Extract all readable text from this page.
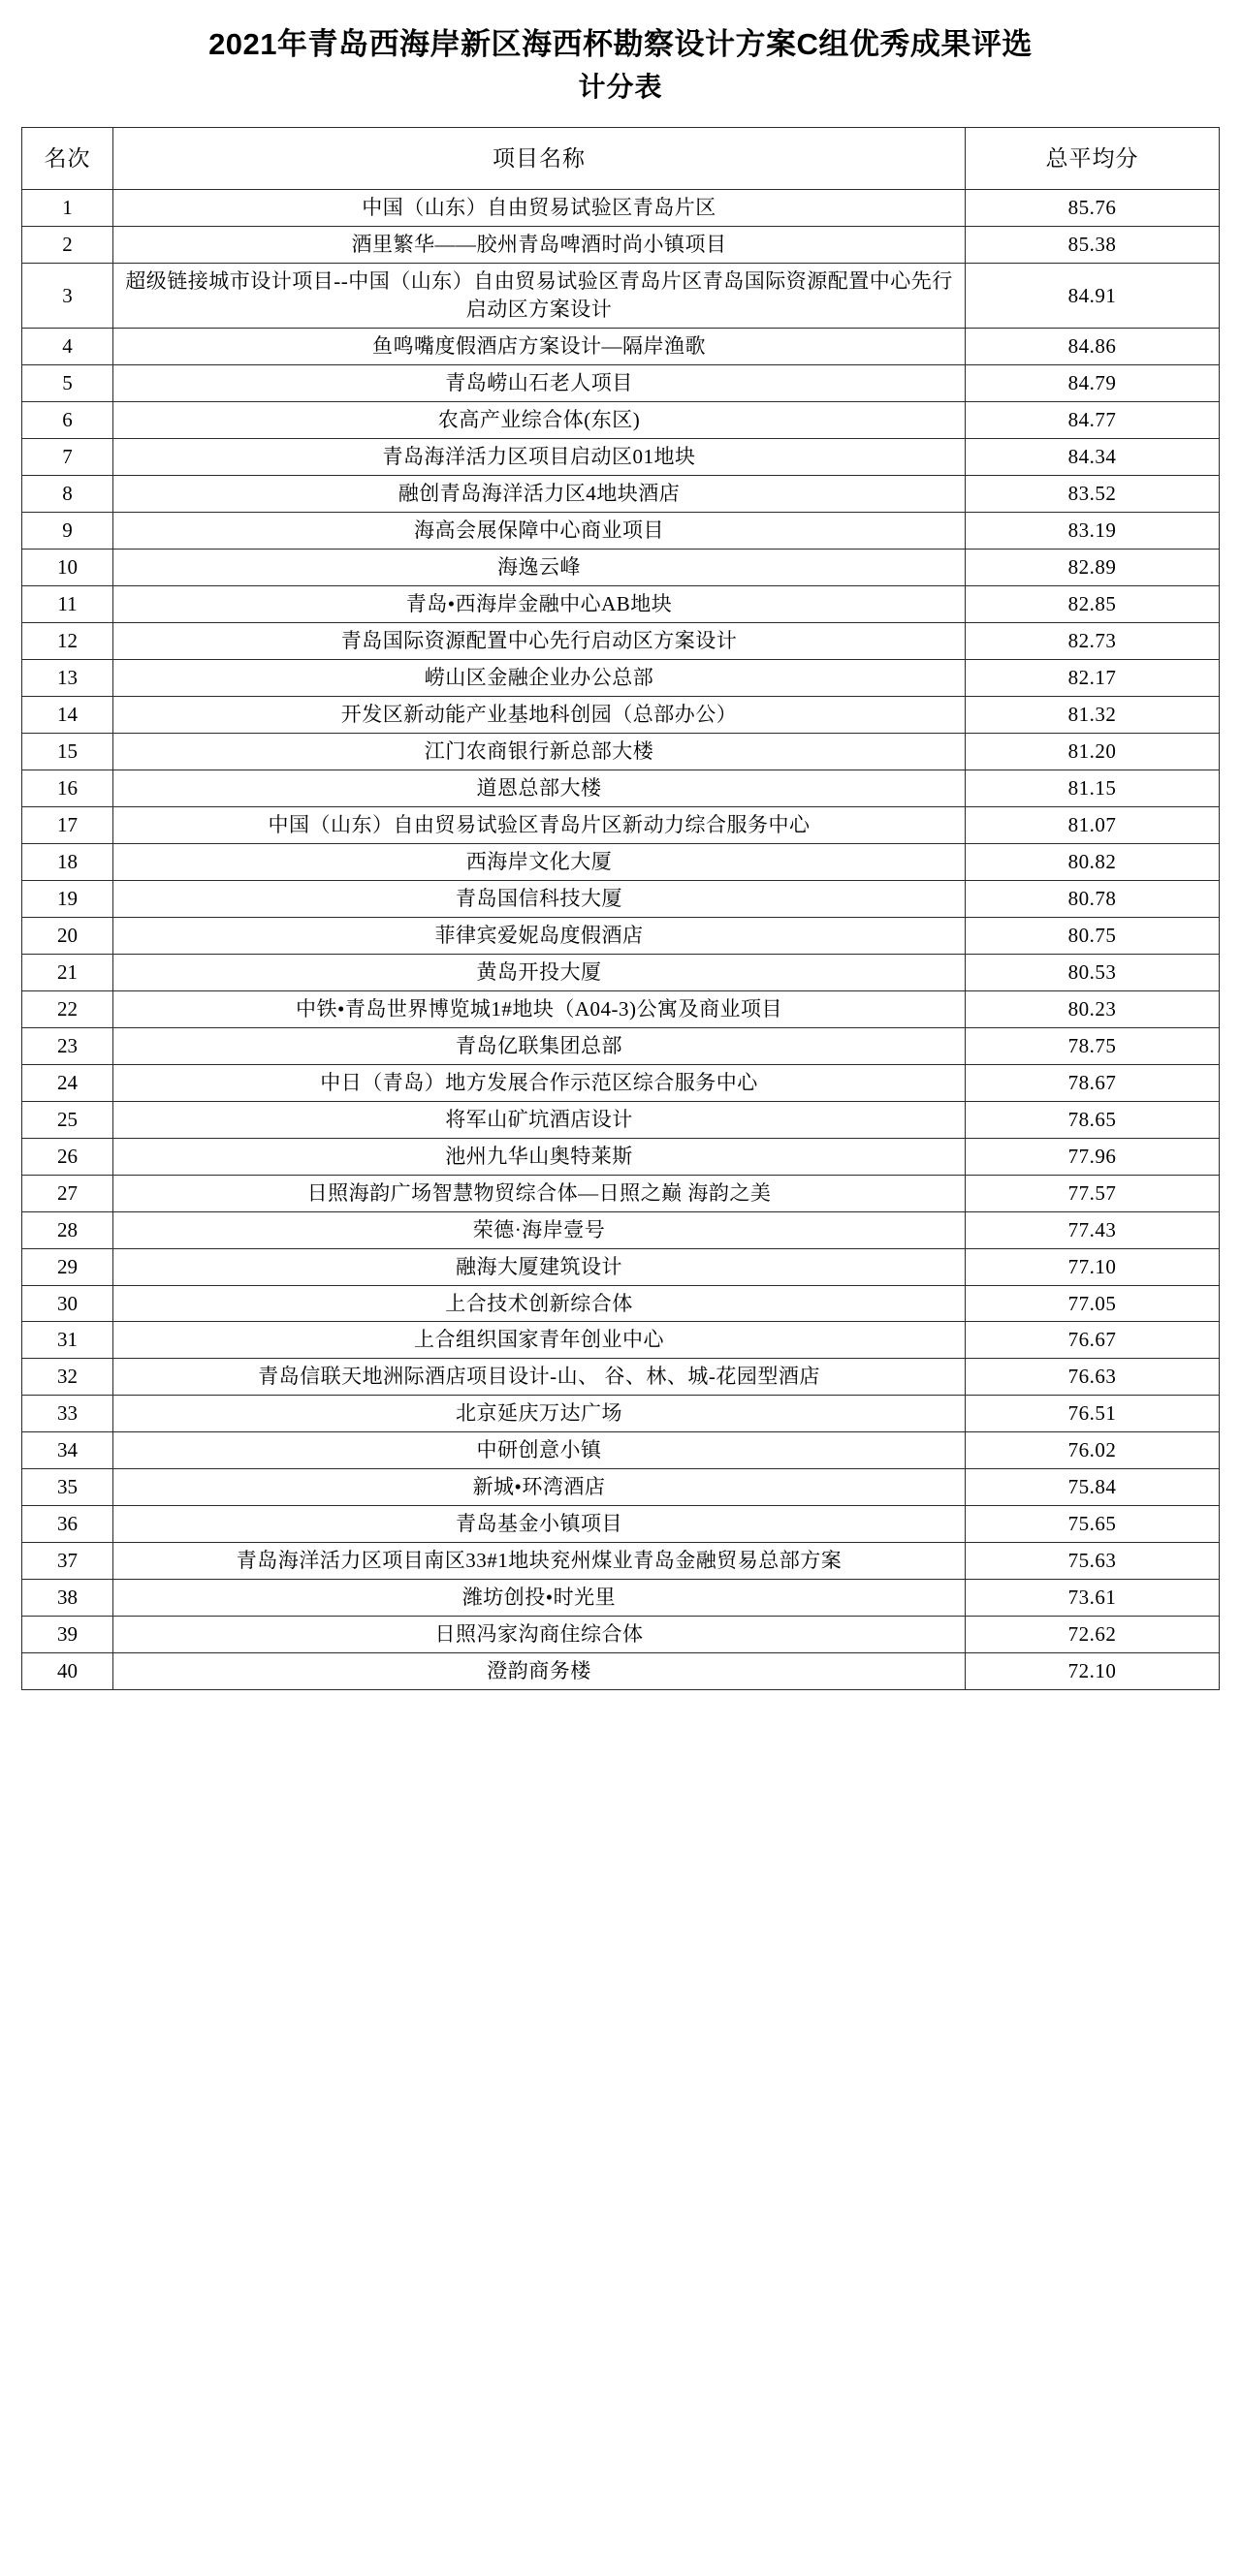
2021年青岛西海岸新区海西杯勘察设计方案C组优秀成果评选
计分表
名次	项目名称	总平均分
1	中国（山东）自由贸易试验区青岛片区	85.76
2	酒里繁华——胶州青岛啤酒时尚小镇项目	85.38
3	超级链接城市设计项目--中国（山东）自由贸易试验区青岛片区青岛国际资源配置中心先行启动区方案设计	84.91
4	鱼鸣嘴度假酒店方案设计—隔岸渔歌	84.86
5	青岛崂山石老人项目	84.79
6	农高产业综合体(东区)	84.77
7	青岛海洋活力区项目启动区01地块	84.34
8	融创青岛海洋活力区4地块酒店	83.52
9	海高会展保障中心商业项目	83.19
10	海逸云峰	82.89
11	青岛•西海岸金融中心AB地块	82.85
12	青岛国际资源配置中心先行启动区方案设计	82.73
13	崂山区金融企业办公总部	82.17
14	开发区新动能产业基地科创园（总部办公）	81.32
15	江门农商银行新总部大楼	81.20
16	道恩总部大楼	81.15
17	中国（山东）自由贸易试验区青岛片区新动力综合服务中心	81.07
18	西海岸文化大厦	80.82
19	青岛国信科技大厦	80.78
20	菲律宾爱妮岛度假酒店	80.75
21	黄岛开投大厦	80.53
22	中铁•青岛世界博览城1#地块（A04-3)公寓及商业项目	80.23
23	青岛亿联集团总部	78.75
24	中日（青岛）地方发展合作示范区综合服务中心	78.67
25	将军山矿坑酒店设计	78.65
26	池州九华山奥特莱斯	77.96
27	日照海韵广场智慧物贸综合体—日照之巅 海韵之美	77.57
28	荣德·海岸壹号	77.43
29	融海大厦建筑设计	77.10
30	上合技术创新综合体	77.05
31	上合组织国家青年创业中心	76.67
32	青岛信联天地洲际酒店项目设计-山、 谷、林、城-花园型酒店	76.63
33	北京延庆万达广场	76.51
34	中研创意小镇	76.02
35	新城•环湾酒店	75.84
36	青岛基金小镇项目	75.65
37	青岛海洋活力区项目南区33#1地块兖州煤业青岛金融贸易总部方案	75.63
38	潍坊创投•时光里	73.61
39	日照冯家沟商住综合体	72.62
40	澄韵商务楼	72.10
